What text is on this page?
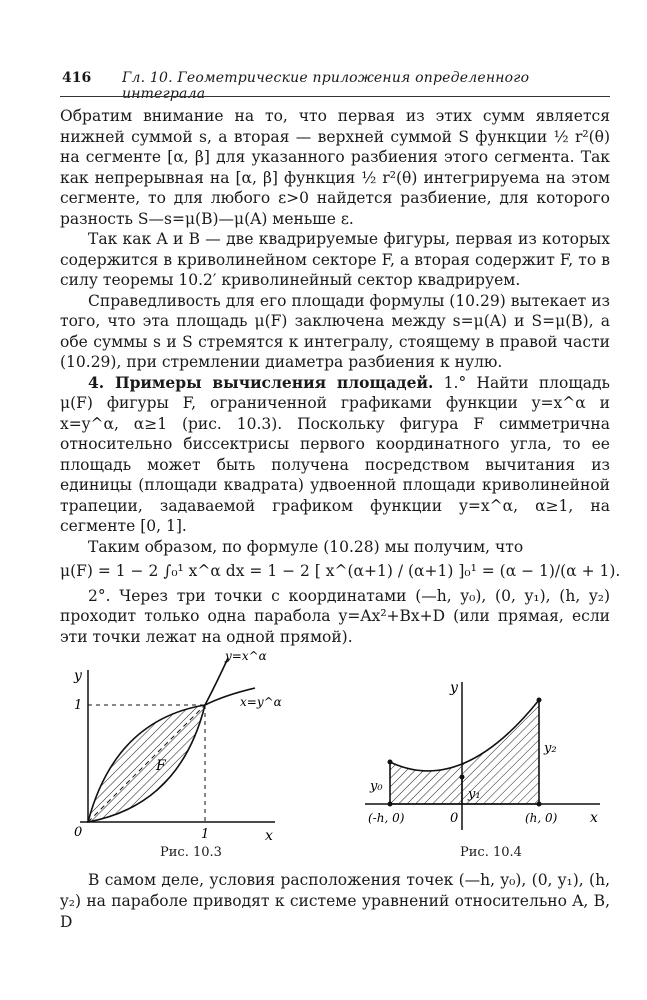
416 Гл. 10. Геометрические приложения определенного интеграла

Обратим внимание на то, что первая из этих сумм является нижней суммой s, а вторая — верхней суммой S функции ½ r²(θ) на сегменте [α, β] для указанного разбиения этого сегмента. Так как непрерывная на [α, β] функция ½ r²(θ) интегрируема на этом сегменте, то для любого ε>0 найдется разбиение, для которого разность S—s=μ(B)—μ(A) меньше ε.

Так как A и B — две квадрируемые фигуры, первая из которых содержится в криволинейном секторе F, а вторая содержит F, то в силу теоремы 10.2′ криволинейный сектор квадрируем.

Справедливость для его площади формулы (10.29) вытекает из того, что эта площадь μ(F) заключена между s=μ(A) и S=μ(B), а обе суммы s и S стремятся к интегралу, стоящему в правой части (10.29), при стремлении диаметра разбиения к нулю.

4. Примеры вычисления площадей. 1.° Найти площадь μ(F) фигуры F, ограниченной графиками функции y=x^α и x=y^α, α≥1 (рис. 10.3). Поскольку фигура F симметрична относительно биссектрисы первого координатного угла, то ее площадь может быть получена посредством вычитания из единицы (площади квадрата) удвоенной площади криволинейной трапеции, задаваемой графиком функции y=x^α, α≥1, на сегменте [0, 1].

Таким образом, по формуле (10.28) мы получим, что

μ(F) = 1 − 2 ∫₀¹ x^α dx = 1 − 2 [ x^(α+1) / (α+1) ]₀¹ = (α − 1)/(α + 1).

2°. Через три точки с координатами (—h, y₀), (0, y₁), (h, y₂) проходит только одна парабола y=Ax²+Bx+D (или прямая, если эти точки лежат на одной прямой).

y
x
0	1
1
F
y=x^α
x=y^α
Рис. 10.3
y
x
0
y₀
y₁
y₂
(-h, 0)	(h, 0)
Рис. 10.4

В самом деле, условия расположения точек (—h, y₀), (0, y₁), (h, y₂) на параболе приводят к системе уравнений относительно A, B, D
